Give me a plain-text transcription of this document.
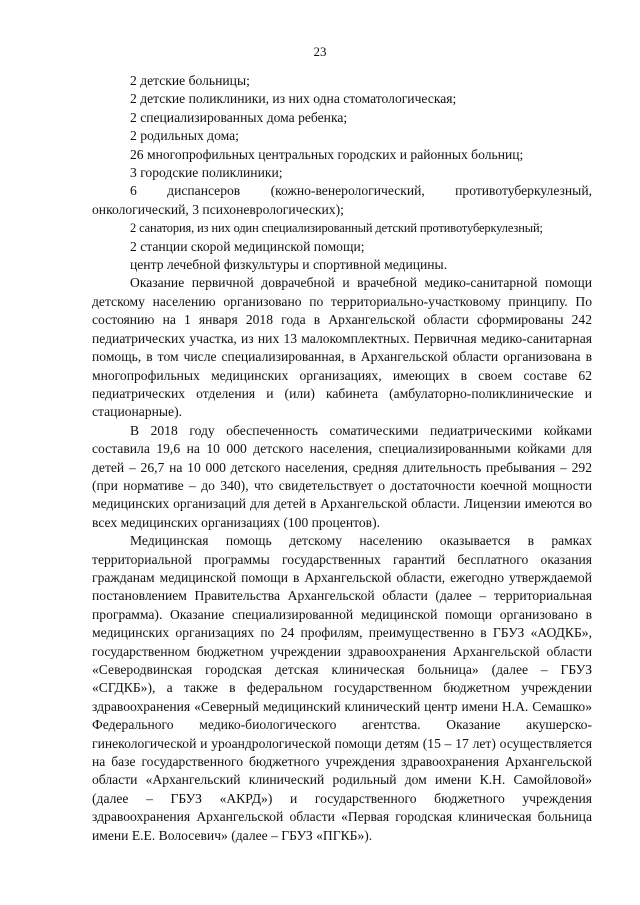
23

2 детские больницы;

2 детские поликлиники, из них одна стоматологическая;

2 специализированных дома ребенка;

2 родильных дома;

26 многопрофильных центральных городских и районных больниц;

3 городские поликлиники;

6 диспансеров (кожно-венерологический, противотуберкулезный,

онкологический, 3 психоневрологических);

2 санатория, из них один специализированный детский противотуберкулезный;

2 станции скорой медицинской помощи;

центр лечебной физкультуры и спортивной медицины.

Оказание первичной доврачебной и врачебной медико-санитарной помощи детскому населению организовано по территориально-участковому принципу. По состоянию на 1 января 2018 года в Архангельской области сформированы 242 педиатрических участка, из них 13 малокомплектных. Первичная медико-санитарная помощь, в том числе специализированная, в Архангельской области организована в многопрофильных медицинских организациях, имеющих в своем составе 62 педиатрических отделения и (или) кабинета (амбулаторно-поликлинические и стационарные).

В 2018 году обеспеченность соматическими педиатрическими койками составила 19,6 на 10 000 детского населения, специализированными койками для детей – 26,7 на 10 000 детского населения, средняя длительность пребывания – 292 (при нормативе – до 340), что свидетельствует о достаточности коечной мощности медицинских организаций для детей в Архангельской области. Лицензии имеются во всех медицинских организациях (100 процентов).

Медицинская помощь детскому населению оказывается в рамках территориальной программы государственных гарантий бесплатного оказания гражданам медицинской помощи в Архангельской области, ежегодно утверждаемой постановлением Правительства Архангельской области (далее – территориальная программа). Оказание специализированной медицинской помощи организовано в медицинских организациях по 24 профилям, преимущественно в ГБУЗ «АОДКБ», государственном бюджетном учреждении здравоохранения Архангельской области «Северодвинская городская детская клиническая больница» (далее – ГБУЗ «СГДКБ»), а также в федеральном государственном бюджетном учреждении здравоохранения «Северный медицинский клинический центр имени Н.А. Семашко» Федерального медико-биологического агентства. Оказание акушерско-гинекологической и уроандрологической помощи детям (15 – 17 лет) осуществляется на базе государственного бюджетного учреждения здравоохранения Архангельской области «Архангельский клинический родильный дом имени К.Н. Самойловой» (далее – ГБУЗ «АКРД») и государственного бюджетного учреждения здравоохранения Архангельской области «Первая городская клиническая больница имени Е.Е. Волосевич» (далее – ГБУЗ «ПГКБ»).
